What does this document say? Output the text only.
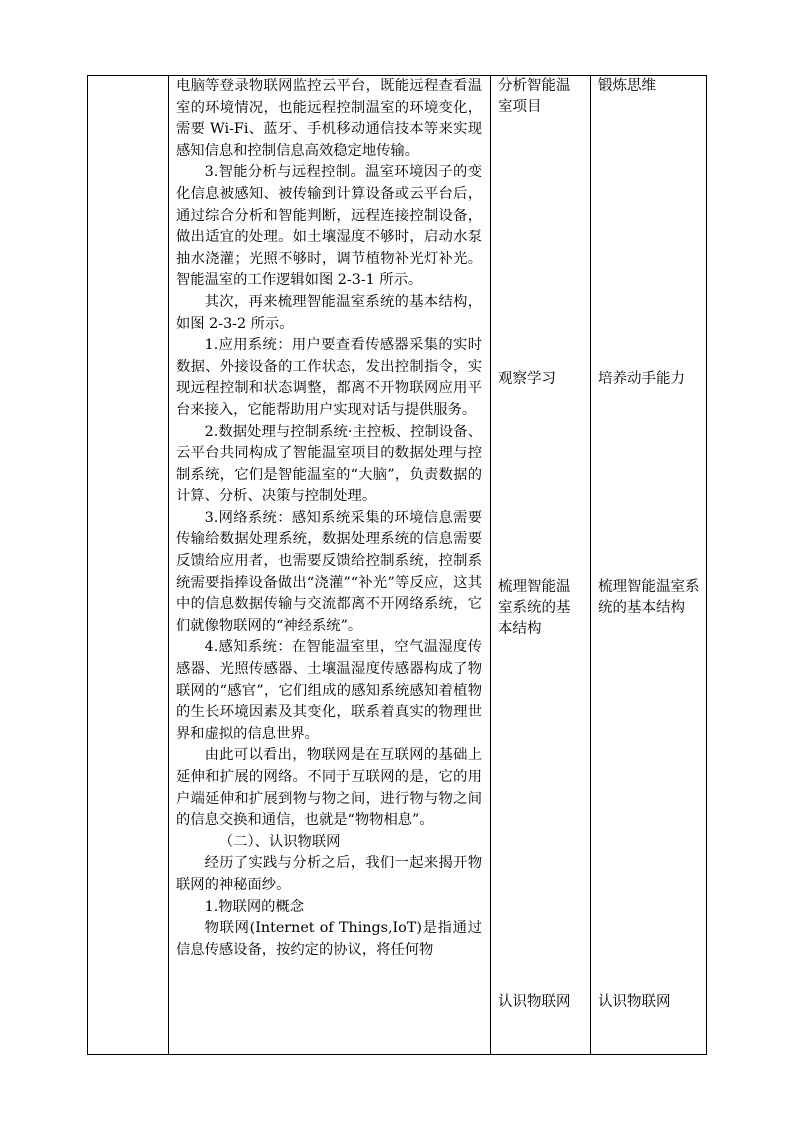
电脑等登录物联网监控云平台，既能远程查看温室的环境情况，也能远程控制温室的环境变化，需要 Wi-Fi、蓝牙、手机移动通信技本等来实现感知信息和控制信息高效稳定地传输。

3.智能分析与远程控制。温室环境因子的变化信息被感知、被传输到计算设备或云平台后，通过综合分析和智能判断，远程连接控制设备，做出适宜的处理。如土壤湿度不够时，启动水泵抽水浇灌；光照不够时，调节植物补光灯补光。智能温室的工作逻辑如图 2-3-1 所示。

其次，再来梳理智能温室系统的基本结构，如图 2-3-2 所示。

1.应用系统：用户要查看传感器采集的实时数据、外接设备的工作状态，发出控制指令，实现远程控制和状态调整，都离不开物联网应用平台来接入，它能帮助用户实现对话与提供服务。

2.数据处理与控制系统·主控板、控制设备、云平台共同构成了智能温室项目的数据处理与控制系统，它们是智能温室的“大脑”，负责数据的计算、分析、决策与控制处理。

3.网络系统：感知系统采集的环境信息需要传输给数据处理系统，数据处理系统的信息需要反馈给应用者，也需要反馈给控制系统，控制系统需要指捧设备做出“浇灌”“补光”等反应，这其中的信息数据传输与交流都离不开网络系统，它们就像物联网的“神经系统”。

4.感知系统：在智能温室里，空气温湿度传感器、光照传感器、土壤温湿度传感器构成了物联网的“感官”，它们组成的感知系统感知着植物的生长环境因素及其变化，联系着真实的物理世界和虚拟的信息世界。

由此可以看出，物联网是在互联网的基础上延伸和扩展的网络。不同于互联网的是，它的用户端延伸和扩展到物与物之间，进行物与物之间的信息交换和通信，也就是“物物相息”。

（二）、认识物联网

经历了实践与分析之后，我们一起来揭开物联网的神秘面纱。

1.物联网的概念

物联网(Internet of Things,IoT)是指通过信息传感设备，按约定的协议，将任何物

分析智能温室项目
观察学习
梳理智能温室系统的基本结构
认识物联网
锻炼思维
培养动手能力
梳理智能温室系统的基本结构
认识物联网
